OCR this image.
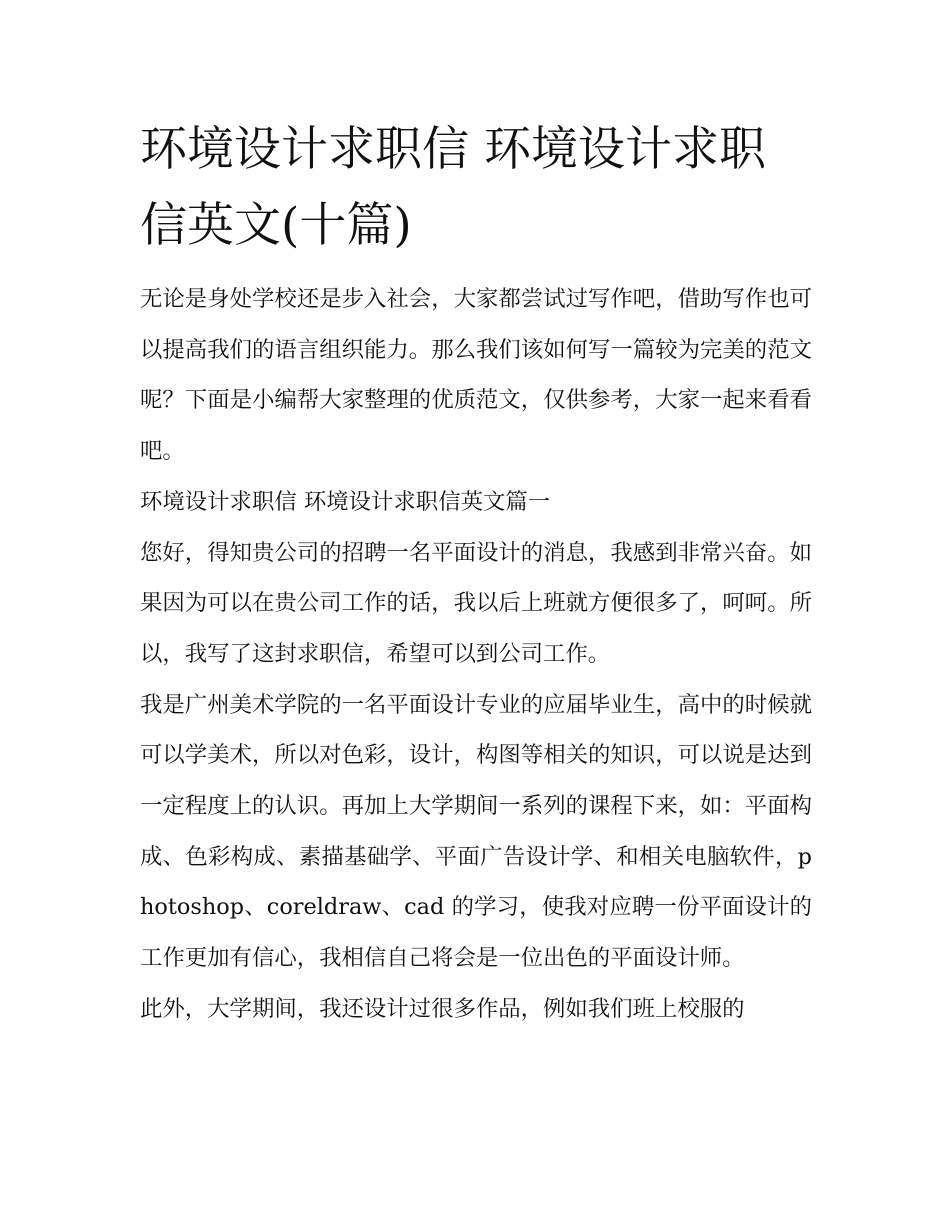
环境设计求职信 环境设计求职信英文(十篇)

无论是身处学校还是步入社会，大家都尝试过写作吧，借助写作也可以提高我们的语言组织能力。那么我们该如何写一篇较为完美的范文呢？下面是小编帮大家整理的优质范文，仅供参考，大家一起来看看吧。

环境设计求职信 环境设计求职信英文篇一

您好，得知贵公司的招聘一名平面设计的消息，我感到非常兴奋。如果因为可以在贵公司工作的话，我以后上班就方便很多了，呵呵。所以，我写了这封求职信，希望可以到公司工作。

我是广州美术学院的一名平面设计专业的应届毕业生，高中的时候就可以学美术，所以对色彩，设计，构图等相关的知识，可以说是达到一定程度上的认识。再加上大学期间一系列的课程下来，如：平面构成、色彩构成、素描基础学、平面广告设计学、和相关电脑软件，photoshop、coreldraw、cad 的学习，使我对应聘一份平面设计的工作更加有信心，我相信自己将会是一位出色的平面设计师。

此外，大学期间，我还设计过很多作品，例如我们班上校服的
